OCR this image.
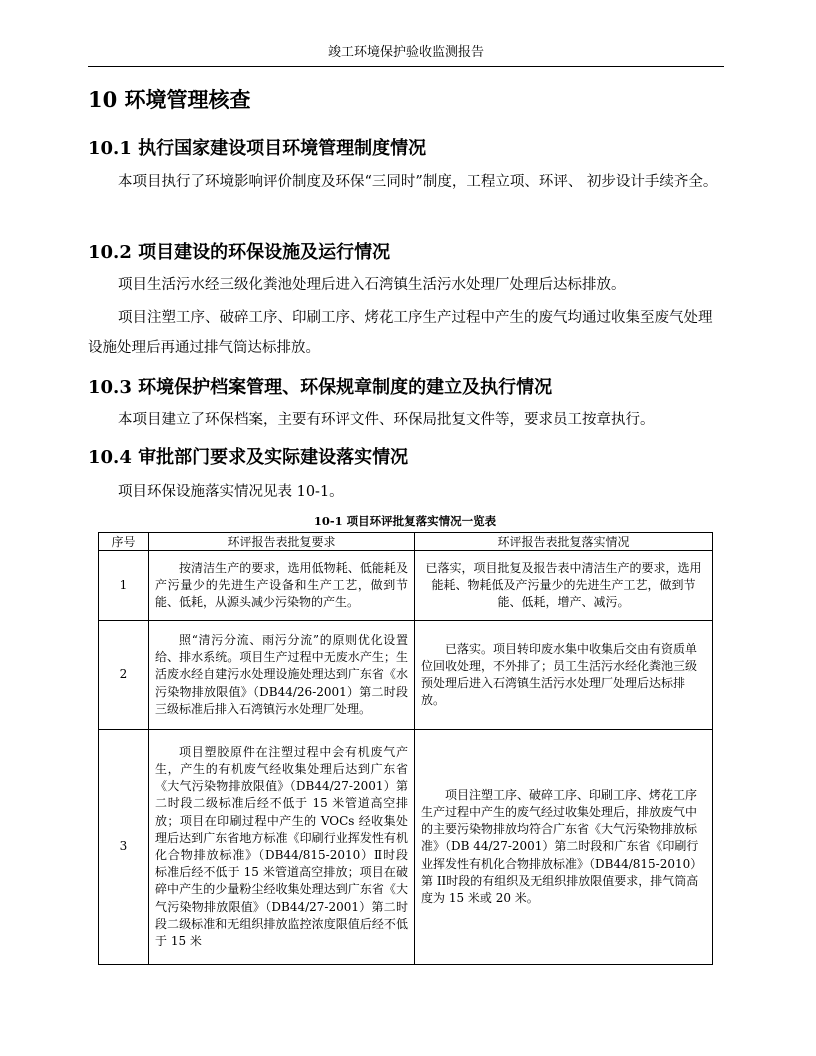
竣工环境保护验收监测报告
10 环境管理核查
10.1 执行国家建设项目环境管理制度情况

本项目执行了环境影响评价制度及环保“三同时”制度，工程立项、环评、 初步设计手续齐全。

10.2 项目建设的环保设施及运行情况

项目生活污水经三级化粪池处理后进入石湾镇生活污水处理厂处理后达标排放。

项目注塑工序、破碎工序、印刷工序、烤花工序生产过程中产生的废气均通过收集至废气处理设施处理后再通过排气筒达标排放。

10.3 环境保护档案管理、环保规章制度的建立及执行情况

本项目建立了环保档案，主要有环评文件、环保局批复文件等，要求员工按章执行。

10.4 审批部门要求及实际建设落实情况

项目环保设施落实情况见表 10-1。

10-1 项目环评批复落实情况一览表
序号	环评报告表批复要求	环评报告表批复落实情况
1	按清洁生产的要求，选用低物耗、低能耗及产污量少的先进生产设备和生产工艺，做到节能、低耗，从源头减少污染物的产生。	已落实，项目批复及报告表中清洁生产的要求，选用能耗、物耗低及产污量少的先进生产工艺，做到节能、低耗，增产、减污。
2	照“清污分流、雨污分流”的原则优化设置给、排水系统。项目生产过程中无废水产生；生活废水经自建污水处理设施处理达到广东省《水污染物排放限值》（DB44/26-2001）第二时段三级标准后排入石湾镇污水处理厂处理。	已落实。项目转印废水集中收集后交由有资质单位回收处理，不外排了；员工生活污水经化粪池三级预处理后进入石湾镇生活污水处理厂处理后达标排放。
3	项目塑胶原件在注塑过程中会有机废气产生，产生的有机废气经收集处理后达到广东省《大气污染物排放限值》（DB44/27-2001）第二时段二级标准后经不低于 15 米管道高空排放；项目在印刷过程中产生的 VOCs 经收集处理后达到广东省地方标准《印刷行业挥发性有机化合物排放标准》（DB44/815-2010）Ⅱ时段标准后经不低于 15 米管道高空排放；项目在破碎中产生的少量粉尘经收集处理达到广东省《大气污染物排放限值》（DB44/27-2001）第二时段二级标准和无组织排放监控浓度限值后经不低于 15 米	项目注塑工序、破碎工序、印刷工序、烤花工序生产过程中产生的废气经过收集处理后，排放废气中的主要污染物排放均符合广东省《大气污染物排放标准》（DB 44/27-2001）第二时段和广东省《印刷行业挥发性有机化合物排放标准》（DB44/815-2010）第 II时段的有组织及无组织排放限值要求，排气筒高度为 15 米或 20 米。
